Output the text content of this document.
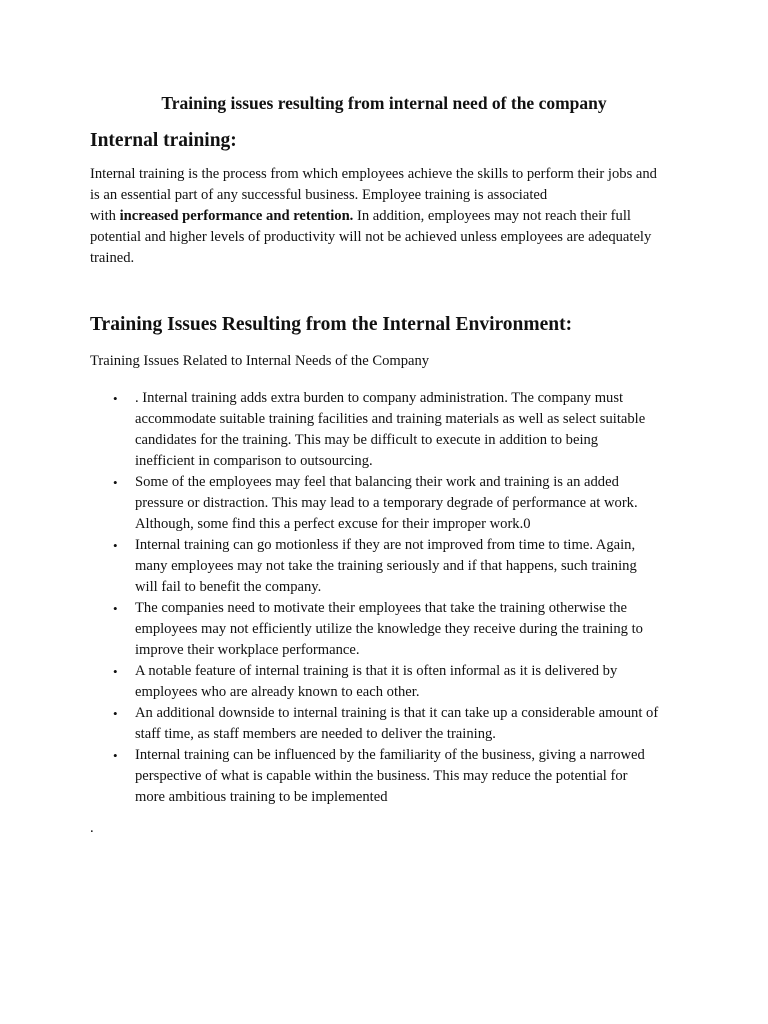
Training issues resulting from internal need of the company
Internal training:

Internal training is the process from which employees achieve the skills to perform their jobs and
is an essential part of any successful business. Employee training is associated
with increased performance and retention. In addition, employees may not reach their full
potential and higher levels of productivity will not be achieved unless employees are adequately
trained.

Training Issues Resulting from the Internal Environment:

Training Issues Related to Internal Needs of the Company

• . Internal training adds extra burden to company administration. The company must
accommodate suitable training facilities and training materials as well as select suitable
candidates for the training. This may be difficult to execute in addition to being
inefficient in comparison to outsourcing.
• Some of the employees may feel that balancing their work and training is an added
pressure or distraction. This may lead to a temporary degrade of performance at work.
Although, some find this a perfect excuse for their improper work.0
• Internal training can go motionless if they are not improved from time to time. Again,
many employees may not take the training seriously and if that happens, such training
will fail to benefit the company.
• The companies need to motivate their employees that take the training otherwise the
employees may not efficiently utilize the knowledge they receive during the training to
improve their workplace performance.
• A notable feature of internal training is that it is often informal as it is delivered by
employees who are already known to each other.
• An additional downside to internal training is that it can take up a considerable amount of
staff time, as staff members are needed to deliver the training.
• Internal training can be influenced by the familiarity of the business, giving a narrowed
perspective of what is capable within the business. This may reduce the potential for
more ambitious training to be implemented

.
